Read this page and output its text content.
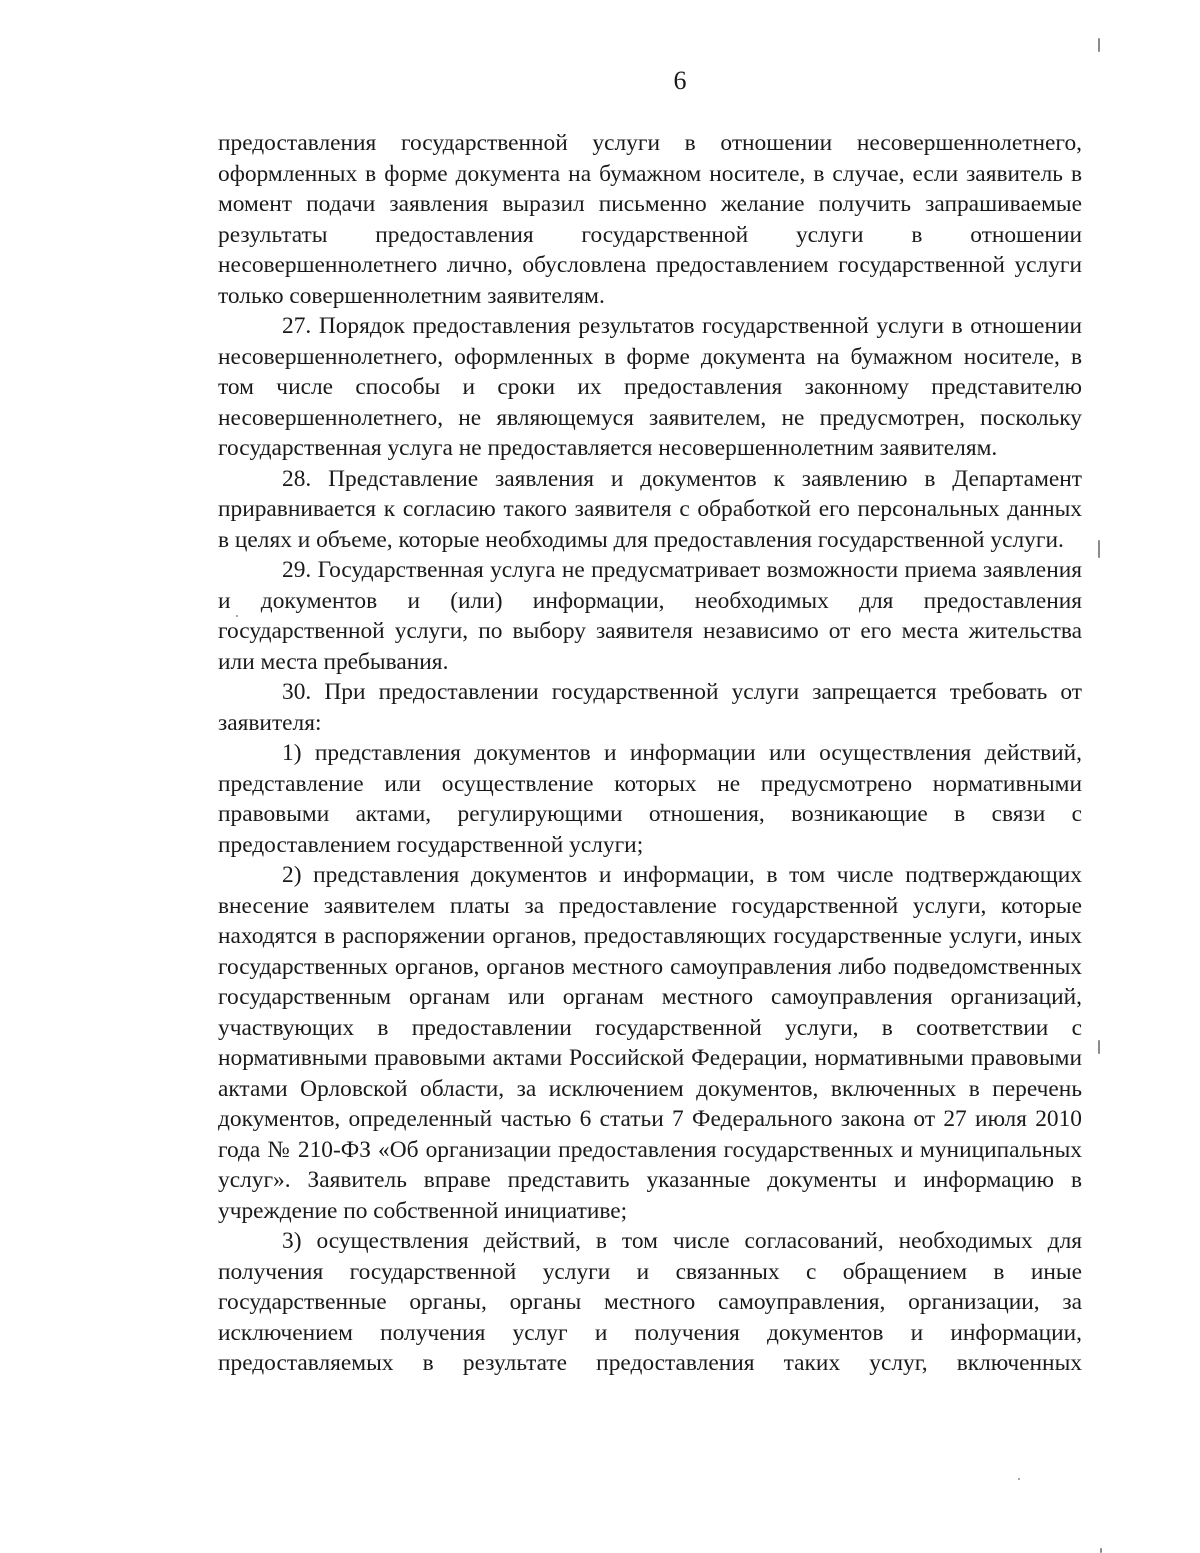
6

предоставления государственной услуги в отношении несовершеннолетнего, оформленных в форме документа на бумажном носителе, в случае, если заявитель в момент подачи заявления выразил письменно желание получить запрашиваемые результаты предоставления государственной услуги в отношении несовершеннолетнего лично, обусловлена предоставлением государственной услуги только совершеннолетним заявителям.

27. Порядок предоставления результатов государственной услуги в отношении несовершеннолетнего, оформленных в форме документа на бумажном носителе, в том числе способы и сроки их предоставления законному представителю несовершеннолетнего, не являющемуся заявителем, не предусмотрен, поскольку государственная услуга не предоставляется несовершеннолетним заявителям.

28. Представление заявления и документов к заявлению в Департамент приравнивается к согласию такого заявителя с обработкой его персональных данных в целях и объеме, которые необходимы для предоставления государственной услуги.

29. Государственная услуга не предусматривает возможности приема заявления и документов и (или) информации, необходимых для предоставления государственной услуги, по выбору заявителя независимо от его места жительства или места пребывания.

30. При предоставлении государственной услуги запрещается требовать от заявителя:

1) представления документов и информации или осуществления действий, представление или осуществление которых не предусмотрено нормативными правовыми актами, регулирующими отношения, возникающие в связи с предоставлением государственной услуги;

2) представления документов и информации, в том числе подтверждающих внесение заявителем платы за предоставление государственной услуги, которые находятся в распоряжении органов, предоставляющих государственные услуги, иных государственных органов, органов местного самоуправления либо подведомственных государственным органам или органам местного самоуправления организаций, участвующих в предоставлении государственной услуги, в соответствии с нормативными правовыми актами Российской Федерации, нормативными правовыми актами Орловской области, за исключением документов, включенных в перечень документов, определенный частью 6 статьи 7 Федерального закона от 27 июля 2010 года № 210-ФЗ «Об организации предоставления государственных и муниципальных услуг». Заявитель вправе представить указанные документы и информацию в учреждение по собственной инициативе;

3) осуществления действий, в том числе согласований, необходимых для получения государственной услуги и связанных с обращением в иные государственные органы, органы местного самоуправления, организации, за исключением получения услуг и получения документов и информации, предоставляемых в результате предоставления таких услуг, включенных
